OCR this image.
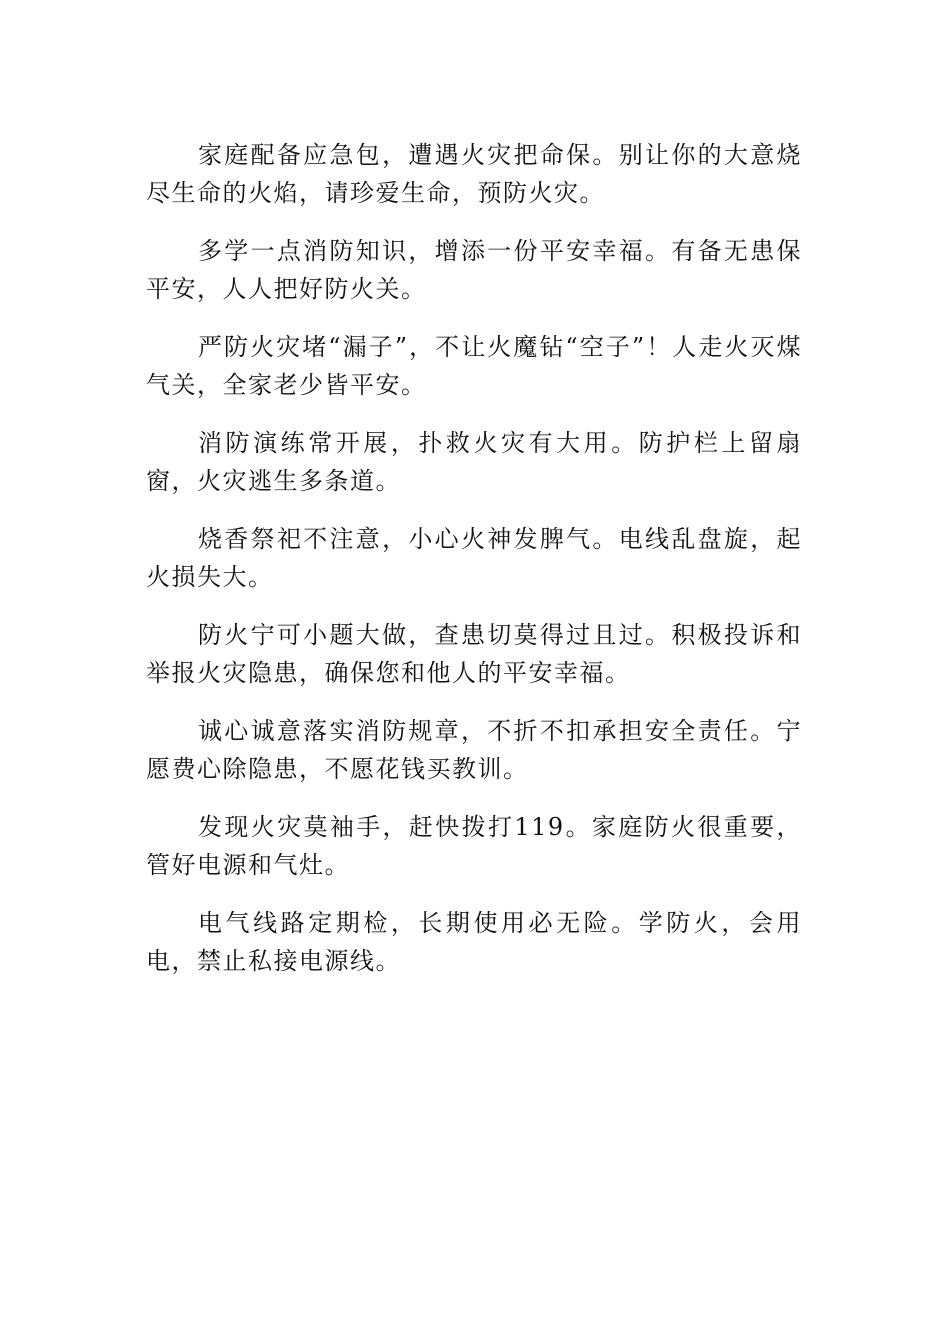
家庭配备应急包，遭遇火灾把命保。别让你的大意烧尽生命的火焰，请珍爱生命，预防火灾。

多学一点消防知识，增添一份平安幸福。有备无患保平安，人人把好防火关。

严防火灾堵“漏子”，不让火魔钻“空子”！人走火灭煤气关，全家老少皆平安。

消防演练常开展，扑救火灾有大用。防护栏上留扇窗，火灾逃生多条道。

烧香祭祀不注意，小心火神发脾气。电线乱盘旋，起火损失大。

防火宁可小题大做，查患切莫得过且过。积极投诉和举报火灾隐患，确保您和他人的平安幸福。

诚心诚意落实消防规章，不折不扣承担安全责任。宁愿费心除隐患，不愿花钱买教训。

发现火灾莫袖手，赶快拨打119。家庭防火很重要，管好电源和气灶。

电气线路定期检，长期使用必无险。学防火，会用电，禁止私接电源线。
